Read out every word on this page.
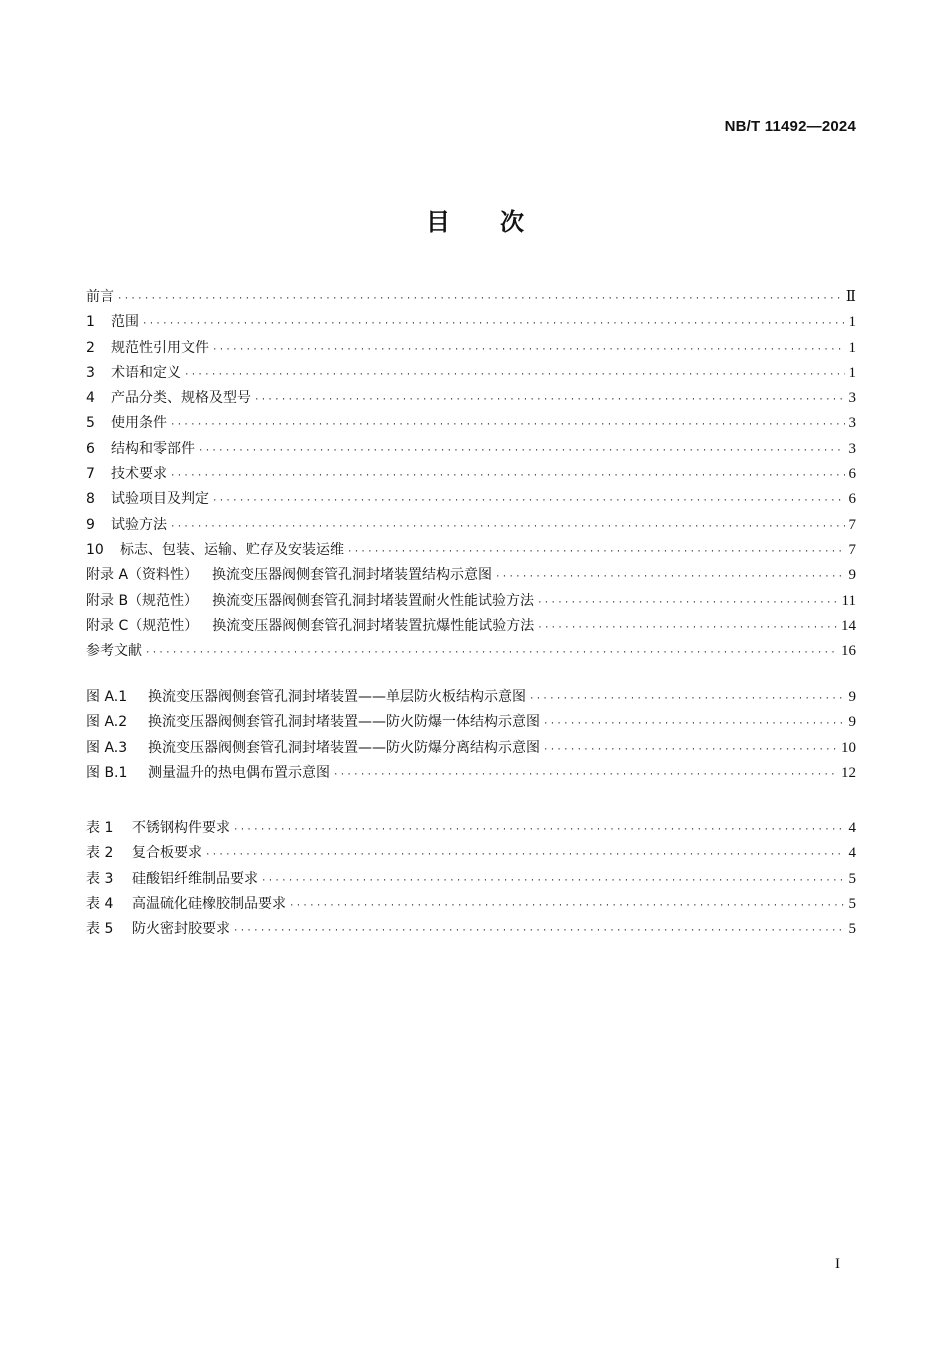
NB/T 11492—2024
目次
前言 ·····	Ⅱ
1	范围 ·····	1
2	规范性引用文件 ·····	1
3	术语和定义 ·····	1
4	产品分类、规格及型号 ·····	3
5	使用条件 ·····	3
6	结构和零部件 ·····	3
7	技术要求 ·····	6
8	试验项目及判定 ·····	6
9	试验方法 ·····	7
10	标志、包装、运输、贮存及安装运维 ·····	7
附录 A（资料性） 换流变压器阀侧套管孔洞封堵装置结构示意图 ·····	9
附录 B（规范性） 换流变压器阀侧套管孔洞封堵装置耐火性能试验方法 ·····	11
附录 C（规范性） 换流变压器阀侧套管孔洞封堵装置抗爆性能试验方法 ·····	14
参考文献 ·····	16
图 A.1	换流变压器阀侧套管孔洞封堵装置——单层防火板结构示意图 ·····	9
图 A.2	换流变压器阀侧套管孔洞封堵装置——防火防爆一体结构示意图 ·····	9
图 A.3	换流变压器阀侧套管孔洞封堵装置——防火防爆分离结构示意图 ·····	10
图 B.1	测量温升的热电偶布置示意图 ·····	12
表 1	不锈钢构件要求 ·····	4
表 2	复合板要求 ·····	4
表 3	硅酸铝纤维制品要求 ·····	5
表 4	高温硫化硅橡胶制品要求 ·····	5
表 5	防火密封胶要求 ·····	5
I
